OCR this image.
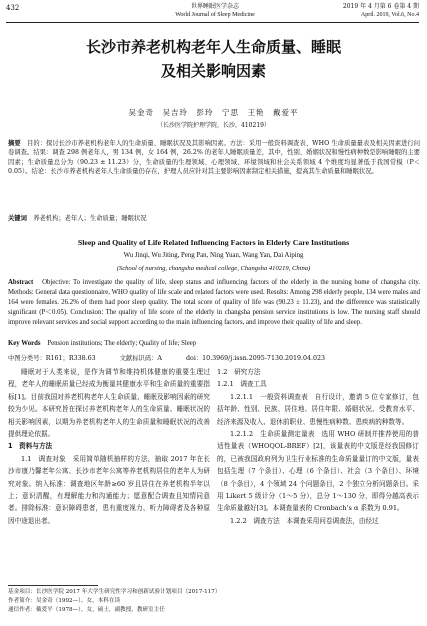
432	世界睡眠医学杂志
World Journal of Sleep Medicine
2019 年 4 月第 6 卷第 4 期
April. 2019, Vol.6, No.4
长沙市养老机构老年人生命质量、睡眠
及相关影响因素
吴金奇　吴吉玲　彭玲　宁思　王艳　戴爱平
（长沙医学院护理学院，长沙，410219）
摘要　 目的：探讨长沙市养老机构老年人的生命质量、睡眠状况及其影响因素。方法：采用一般资料调查表、WHO 生命质量量表及相关因素进行问卷调查。结果：调查 298 例老年人，男 134 例，女 164 例，26.2% 的老年人睡眠质量差，其中，性别、婚姻状况和慢性病种数是影响睡眠的主要因素；生命质量总分为（90.23 ± 11.23）分，生命质量的生理领域、心理领域、环境领域和社会关系领域 4 个维度均显著低于我国常模（P＜0.05）。结论：长沙市养老机构老年人生命质量仍存在，护理人员应针对其主要影响因素制定相关措施，提高其生命质量和睡眠状况。
关键词　 养老机构；老年人；生命质量；睡眠状况
Sleep and Quality of Life Related Influencing Factors in Elderly Care Institutions
Wu Jinqi, Wu Jiting, Peng Pan, Ning Yuan, Wang Yan, Dai Aiping
(School of nursing, changsha medical college, Changsha 410219, China)
Abstract　 Objective: To investigate the quality of life, sleep status and influencing factors of the elderly in the nursing home of changsha city. Methods: General data questionnaire, WHO quality of life scale and related factors were used. Results: Among 298 elderly people, 134 were males and 164 were females. 26.2% of them had poor sleep quality. The total score of quality of life was (90.23 ± 11.23), and the difference was statistically significant (P＜0.05). Conclusion: The quality of life score of the elderly in changsha pension service institutions is low. The nursing staff should improve relevant services and social support according to the main influencing factors, and improve their quality of life and sleep.
Key Words　 Pension institutions; The elderly; Quality of life; Sleep
中图分类号：R161；R338.63	文献标识码：A	doi：10.3969/j.issn.2095-7130.2019.04.023

睡眠对于人类来说，是作为调节和维持机体健康的重要生理过程，老年人的睡眠质量已经成为衡量其健康水平和生命质量的重要指标[1]。目前我国对养老机构老年人生命质量、睡眠及影响因素的研究较为少见。本研究旨在探讨养老机构老年人的生命质量、睡眠状况的相关影响因素，以期为养老机构老年人的生命质量和睡眠状况的改善提供理论依据。

1　资料与方法

1.1　调查对象　采用简单随机抽样的方法，抽取 2017 年在长沙市康乃馨老年公寓、长沙市老年公寓等养老机构居住的老年人为研究对象。纳入标准：调查地区年龄≥60 岁且居住在养老机构半年以上；意识清醒，有理解能力和沟通能力；愿意配合调查且知情同意者。排除标准：意识障碍患者，患有重度视力、听力障碍者及各种原因中途退出者。

1.2　研究方法

1.2.1　调查工具

1.2.1.1　一般资料调查表　自行设计，邀请 5 位专家修订，包括年龄、性别、民族、居住地、居住年限、婚姻状况、受教育水平、经济来源及收入、退休前职业、患慢性病种数、患疾病的种数等。

1.2.1.2　生命质量测定量表　选用 WHO 研制并推荐使用的普适性量表（WHOQOL-BREF）[2]，该量表的中文版是经我国修订的，已被我国政府列为卫生行业标准的生命质量量订的中文版，量表包括生理（7 个条目）、心理（6 个条目）、社会（3 个条目）、环境（8 个条目），4 个领域 24 个问题条目，2 个独立分析问题条目。采用 Likert 5 级计分（1～5 分），总分 1～130 分，即得分越高表示生命质量越好[3]。本调查量表的 Cronbach's α 系数为 0.91。

1.2.2　调查方法　本调查采用问卷调查法，由经过

基金项目：长沙医学院 2017 年大学生研究性学习和创新试验计划项目（2017-117）
作者简介：吴金奇（1992—），女，本科在读
通信作者：戴爱平（1978—），女，硕士，副教授，教研室主任
